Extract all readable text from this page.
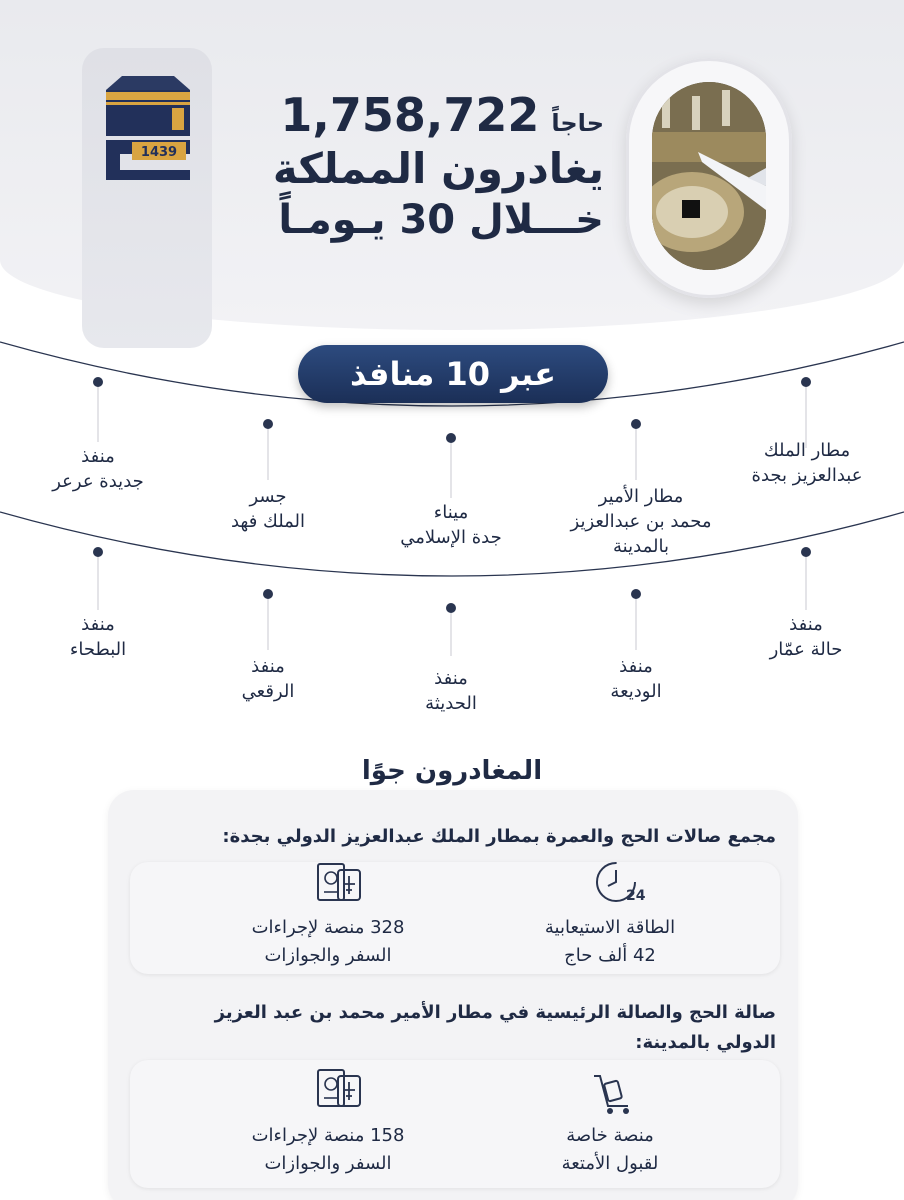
1439
حاجاً
1,758,722
يغادرون المملكة
خـــلال 30 يـومـاً
عبر 10 منافذ
مطار الملك
عبدالعزيز بجدة
مطار الأمير
محمد بن عبدالعزيز
بالمدينة
ميناء
جدة الإسلامي
جسر
الملك فهد
منفذ
جديدة عرعر
منفذ
حالة عمّار
منفذ
الوديعة
منفذ
الحديثة
منفذ
الرقعي
منفذ
البطحاء
المغادرون جوًا
مجمع صالات الحج والعمرة بمطار الملك عبدالعزيز الدولي بجدة:
24
الطاقة الاستيعابية
42 ألف حاج
328 منصة لإجراءات
السفر والجوازات
صالة الحج والصالة الرئيسية في مطار الأمير محمد بن عبد العزيز
الدولي بالمدينة:
منصة خاصة
لقبول الأمتعة
158 منصة لإجراءات
السفر والجوازات
